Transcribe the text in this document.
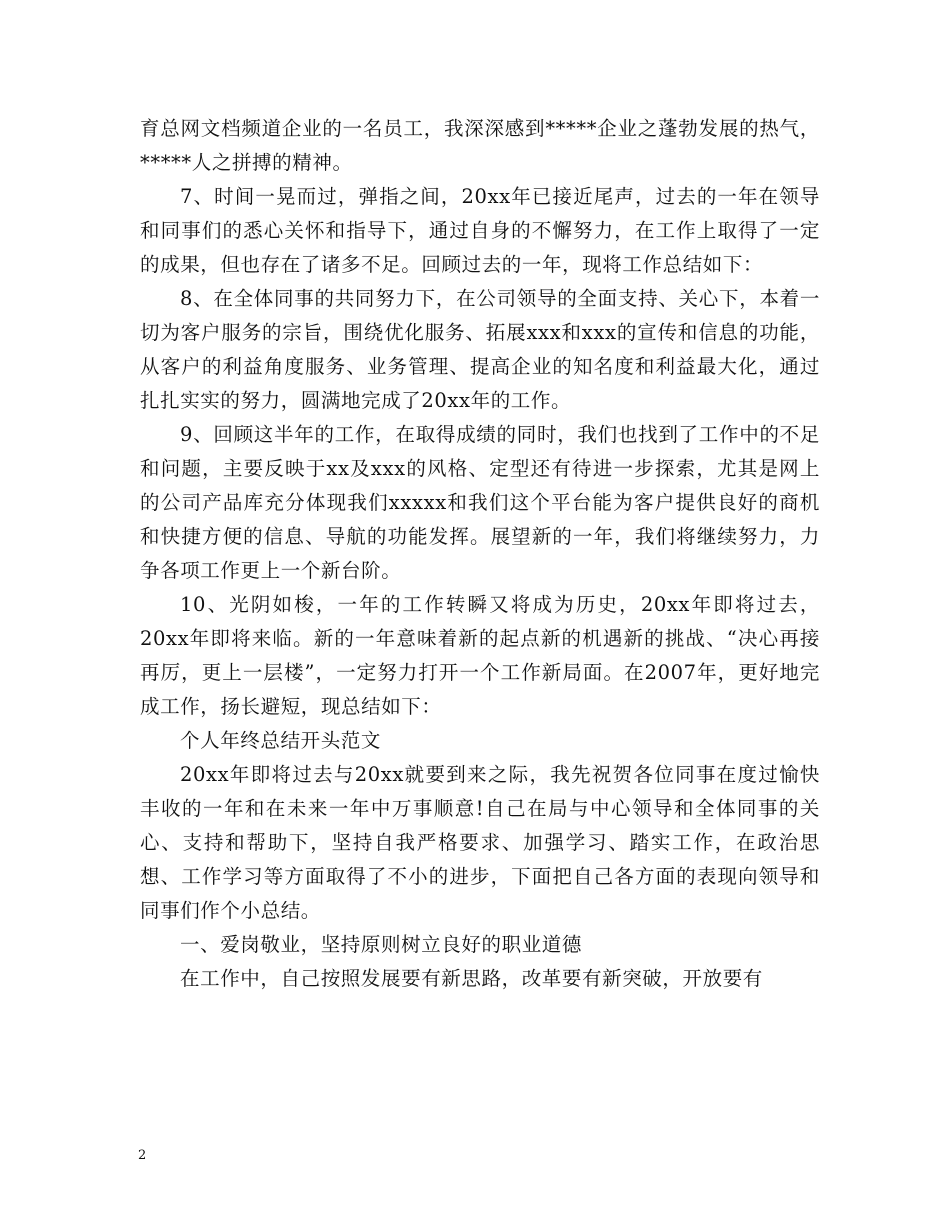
育总网文档频道企业的一名员工，我深深感到*****企业之蓬勃发展的热气，*****人之拼搏的精神。

7、时间一晃而过，弹指之间，20xx年已接近尾声，过去的一年在领导和同事们的悉心关怀和指导下，通过自身的不懈努力，在工作上取得了一定的成果，但也存在了诸多不足。回顾过去的一年，现将工作总结如下：

8、在全体同事的共同努力下，在公司领导的全面支持、关心下，本着一切为客户服务的宗旨，围绕优化服务、拓展xxx和xxx的宣传和信息的功能，从客户的利益角度服务、业务管理、提高企业的知名度和利益最大化，通过扎扎实实的努力，圆满地完成了20xx年的工作。

9、回顾这半年的工作，在取得成绩的同时，我们也找到了工作中的不足和问题，主要反映于xx及xxx的风格、定型还有待进一步探索，尤其是网上的公司产品库充分体现我们xxxxx和我们这个平台能为客户提供良好的商机和快捷方便的信息、导航的功能发挥。展望新的一年，我们将继续努力，力争各项工作更上一个新台阶。

10、光阴如梭，一年的工作转瞬又将成为历史，20xx年即将过去，20xx年即将来临。新的一年意味着新的起点新的机遇新的挑战、“决心再接再厉，更上一层楼”，一定努力打开一个工作新局面。在2007年，更好地完成工作，扬长避短，现总结如下：

个人年终总结开头范文

20xx年即将过去与20xx就要到来之际，我先祝贺各位同事在度过愉快丰收的一年和在未来一年中万事顺意!自己在局与中心领导和全体同事的关心、支持和帮助下，坚持自我严格要求、加强学习、踏实工作，在政治思想、工作学习等方面取得了不小的进步，下面把自己各方面的表现向领导和同事们作个小总结。

一、爱岗敬业，坚持原则树立良好的职业道德

在工作中，自己按照发展要有新思路，改革要有新突破，开放要有

2
